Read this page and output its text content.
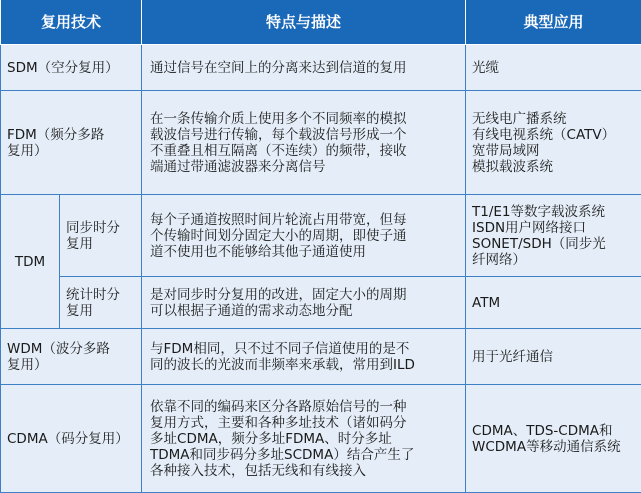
复用技术		特点与描述	典型应用
SDM（空分复用）		通过信号在空间上的分离来达到信道的复用	光缆

FDM（频分多路
复用）		在一条传输介质上使用多个不同频率的模拟
载波信号进行传输，每个载波信号形成一个
不重叠且相互隔离（不连续）的频带，接收
端通过带通滤波器来分离信号	无线电广播系统
有线电视系统（CATV）
宽带局域网
模拟载波系统

TDM	同步时分
复用	每个子通道按照时间片轮流占用带宽，但每
个传输时间划分固定大小的周期，即使子通
道不使用也不能够给其他子通道使用	T1/E1等数字载波系统
ISDN用户网络接口
SONET/SDH（同步光
纤网络）

	统计时分
复用	是对同步时分复用的改进，固定大小的周期
可以根据子通道的需求动态地分配	ATM

WDM（波分多路
复用）		与FDM相同，只不过不同子信道使用的是不
同的波长的光波而非频率来承载，常用到ILD	用于光纤通信

CDMA（码分复用）		依靠不同的编码来区分各路原始信号的一种
复用方式，主要和各种多址技术（诸如码分
多址CDMA，频分多址FDMA、时分多址
TDMA和同步码分多址SCDMA）结合产生了
各种接入技术，包括无线和有线接入	CDMA、TDS-CDMA和
WCDMA等移动通信系统
